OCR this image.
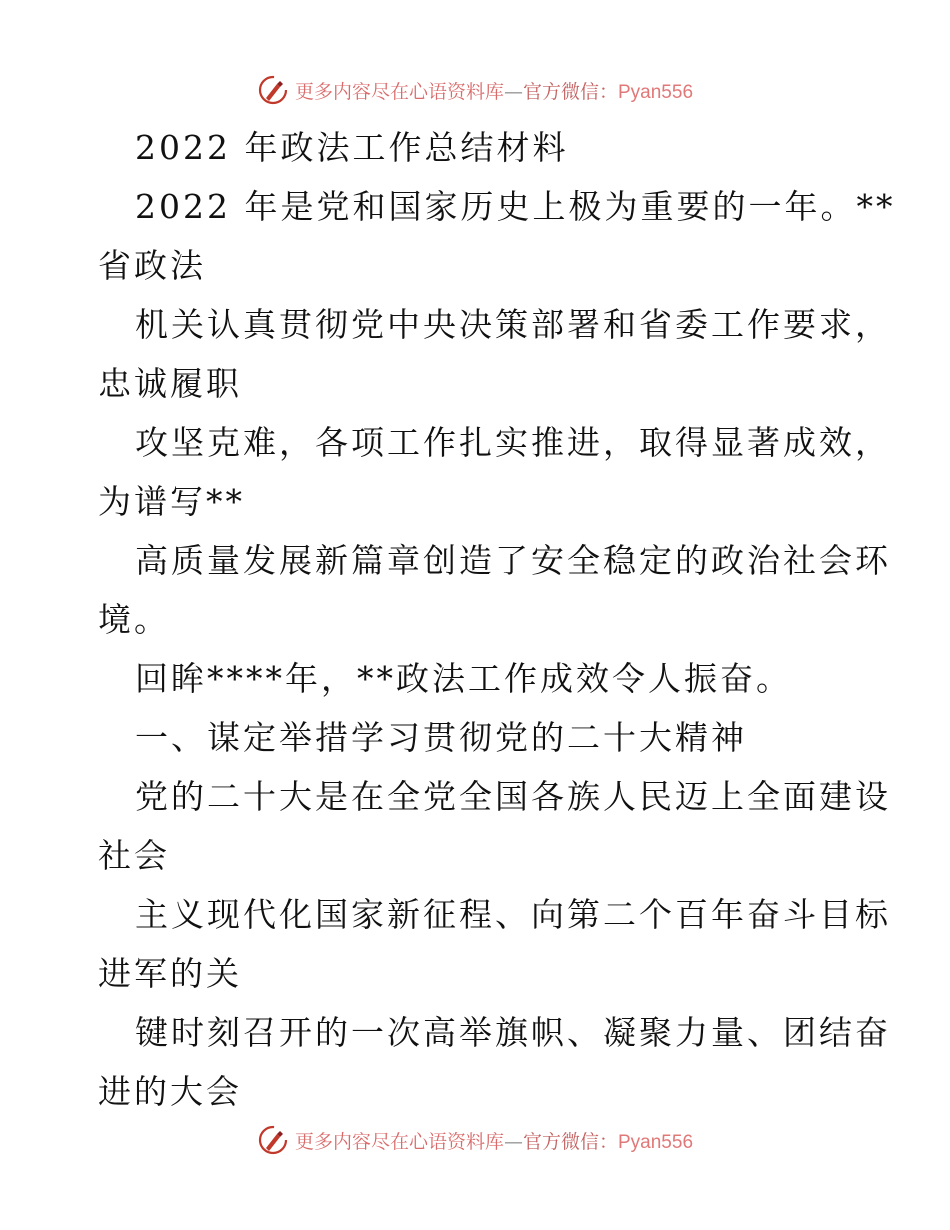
更多内容尽在心语资料库—官方微信：Pyan556
2022 年政法工作总结材料
2022 年是党和国家历史上极为重要的一年。**
省政法
机关认真贯彻党中央决策部署和省委工作要求，
忠诚履职
攻坚克难，各项工作扎实推进，取得显著成效，
为谱写**
高质量发展新篇章创造了安全稳定的政治社会环
境。
回眸****年，**政法工作成效令人振奋。
一、谋定举措学习贯彻党的二十大精神
党的二十大是在全党全国各族人民迈上全面建设
社会
主义现代化国家新征程、向第二个百年奋斗目标
进军的关
键时刻召开的一次高举旗帜、凝聚力量、团结奋
进的大会
更多内容尽在心语资料库—官方微信：Pyan556
